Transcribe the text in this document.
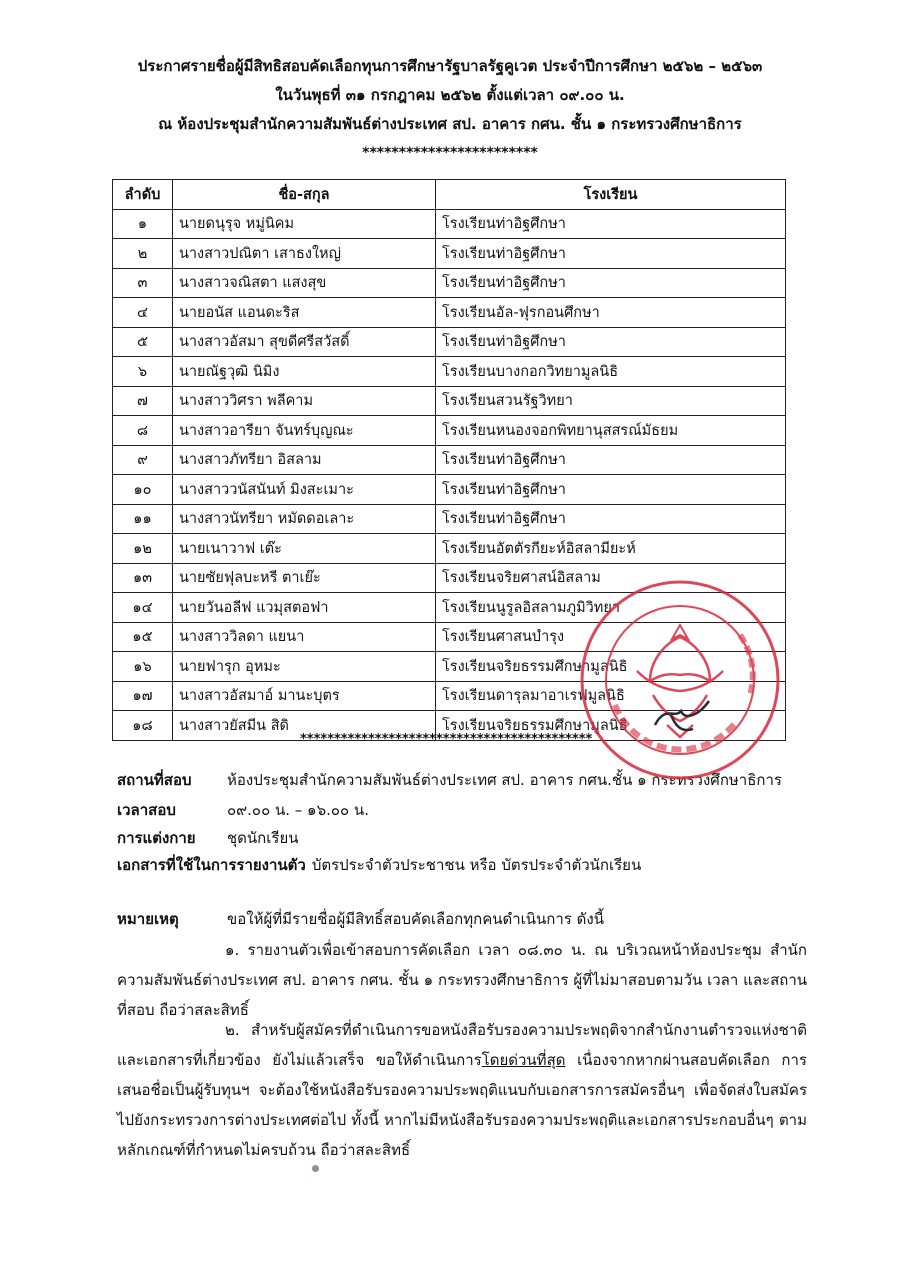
ประกาศรายชื่อผู้มีสิทธิสอบคัดเลือกทุนการศึกษารัฐบาลรัฐคูเวต ประจำปีการศึกษา ๒๕๖๒ – ๒๕๖๓
ในวันพุธที่ ๓๑ กรกฎาคม ๒๕๖๒ ตั้งแต่เวลา ๐๙.๐๐ น.
ณ ห้องประชุมสำนักความสัมพันธ์ต่างประเทศ สป. อาคาร กศน. ชั้น ๑ กระทรวงศึกษาธิการ
************************
ลำดับ	ชื่อ-สกุล	โรงเรียน
๑	นายดนุรุจ หมู่นิคม	โรงเรียนท่าอิฐศึกษา
๒	นางสาวปณิตา เสาธงใหญ่	โรงเรียนท่าอิฐศึกษา
๓	นางสาวจณิสตา แสงสุข	โรงเรียนท่าอิฐศึกษา
๔	นายอนัส แอนดะริส	โรงเรียนอัล-ฟุรกอนศึกษา
๕	นางสาวอัสมา สุขดีศรีสวัสดิ์	โรงเรียนท่าอิฐศึกษา
๖	นายณัฐวุฒิ นิมิง	โรงเรียนบางกอกวิทยามูลนิธิ
๗	นางสาววิศรา พลีคาม	โรงเรียนสวนรัฐวิทยา
๘	นางสาวอารียา จันทร์บุญณะ	โรงเรียนหนองจอกพิทยานุสสรณ์มัธยม
๙	นางสาวภัทรียา อิสลาม	โรงเรียนท่าอิฐศึกษา
๑๐	นางสาววนัสนันท์ มิงสะเมาะ	โรงเรียนท่าอิฐศึกษา
๑๑	นางสาวนัทรียา หมัดดอเลาะ	โรงเรียนท่าอิฐศึกษา
๑๒	นายเนาวาฟ เต๊ะ	โรงเรียนอัตตัรกียะห์อิสลามียะห์
๑๓	นายซัยฟุลบะหรี ตาเย๊ะ	โรงเรียนจริยศาสน์อิสลาม
๑๔	นายวันอลีฟ แวมุสตอฟา	โรงเรียนนูรูลอิสลามภูมิวิทยา
๑๕	นางสาววิลดา แยนา	โรงเรียนศาสนบำรุง
๑๖	นายฟารุก อุหมะ	โรงเรียนจริยธรรมศึกษามูลนิธิ
๑๗	นางสาวอัสมาอ์ มานะบุตร	โรงเรียนดารุลมาอาเรฟมูลนิธิ
๑๘	นางสาวยัสมีน สิดิ	โรงเรียนจริยธรรมศึกษามูลนิธิ
*******************************************
สถานที่สอบ ห้องประชุมสำนักความสัมพันธ์ต่างประเทศ สป. อาคาร กศน.ชั้น ๑ กระทรวงศึกษาธิการ
เวลาสอบ	๐๙.๐๐ น. – ๑๖.๐๐ น.
การแต่งกาย ชุดนักเรียน
เอกสารที่ใช้ในการรายงานตัว บัตรประจำตัวประชาชน หรือ บัตรประจำตัวนักเรียน
หมายเหตุ	ขอให้ผู้ที่มีรายชื่อผู้มีสิทธิ์สอบคัดเลือกทุกคนดำเนินการ ดังนี้
๑. รายงานตัวเพื่อเข้าสอบการคัดเลือก เวลา ๐๘.๓๐ น. ณ บริเวณหน้าห้องประชุม สำนักความสัมพันธ์ต่างประเทศ สป. อาคาร กศน. ชั้น ๑ กระทรวงศึกษาธิการ ผู้ที่ไม่มาสอบตามวัน เวลา และสถานที่สอบ ถือว่าสละสิทธิ์
๒. สำหรับผู้สมัครที่ดำเนินการขอหนังสือรับรองความประพฤติจากสำนักงานตำรวจแห่งชาติ และเอกสารที่เกี่ยวข้อง ยังไม่แล้วเสร็จ ขอให้ดำเนินการโดยด่วนที่สุด เนื่องจากหากผ่านสอบคัดเลือก การเสนอชื่อเป็นผู้รับทุนฯ จะต้องใช้หนังสือรับรองความประพฤติแนบกับเอกสารการสมัครอื่นๆ เพื่อจัดส่งใบสมัครไปยังกระทรวงการต่างประเทศต่อไป ทั้งนี้ หากไม่มีหนังสือรับรองความประพฤติและเอกสารประกอบอื่นๆ ตามหลักเกณฑ์ที่กำหนดไม่ครบถ้วน ถือว่าสละสิทธิ์
